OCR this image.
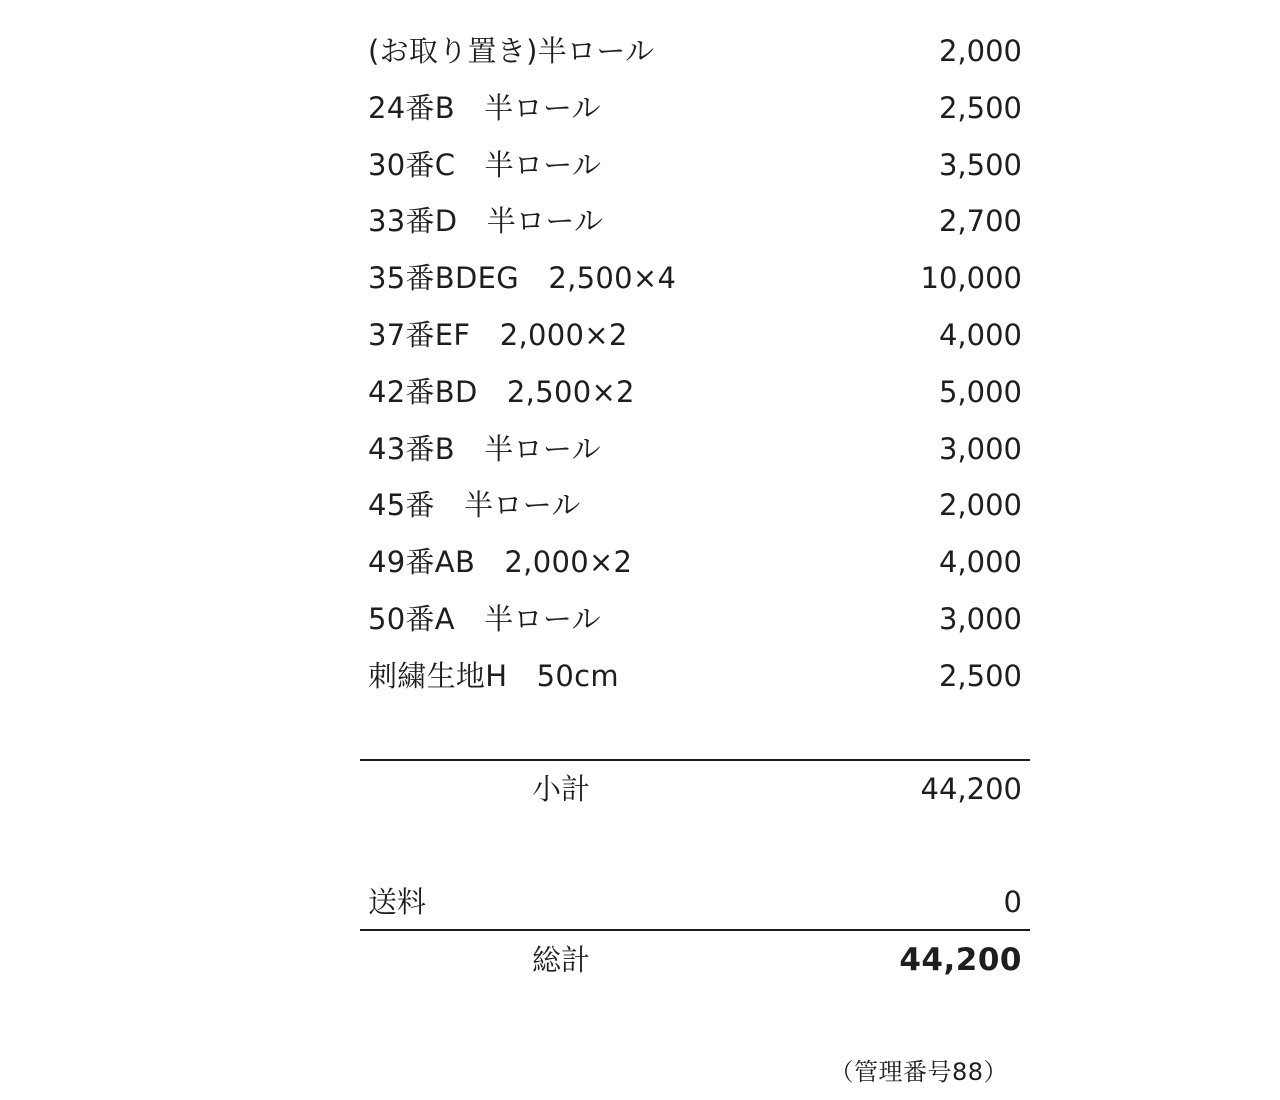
(お取り置き)半ロール	2,000
24番B　半ロール	2,500
30番C　半ロール	3,500
33番D　半ロール	2,700
35番BDEG　2,500×4	10,000
37番EF　2,000×2	4,000
42番BD　2,500×2	5,000
43番B　半ロール	3,000
45番　半ロール	2,000
49番AB　2,000×2	4,000
50番A　半ロール	3,000
刺繍生地H　50cm	2,500
小計	44,200
送料	0
総計	44,200
（管理番号88）
